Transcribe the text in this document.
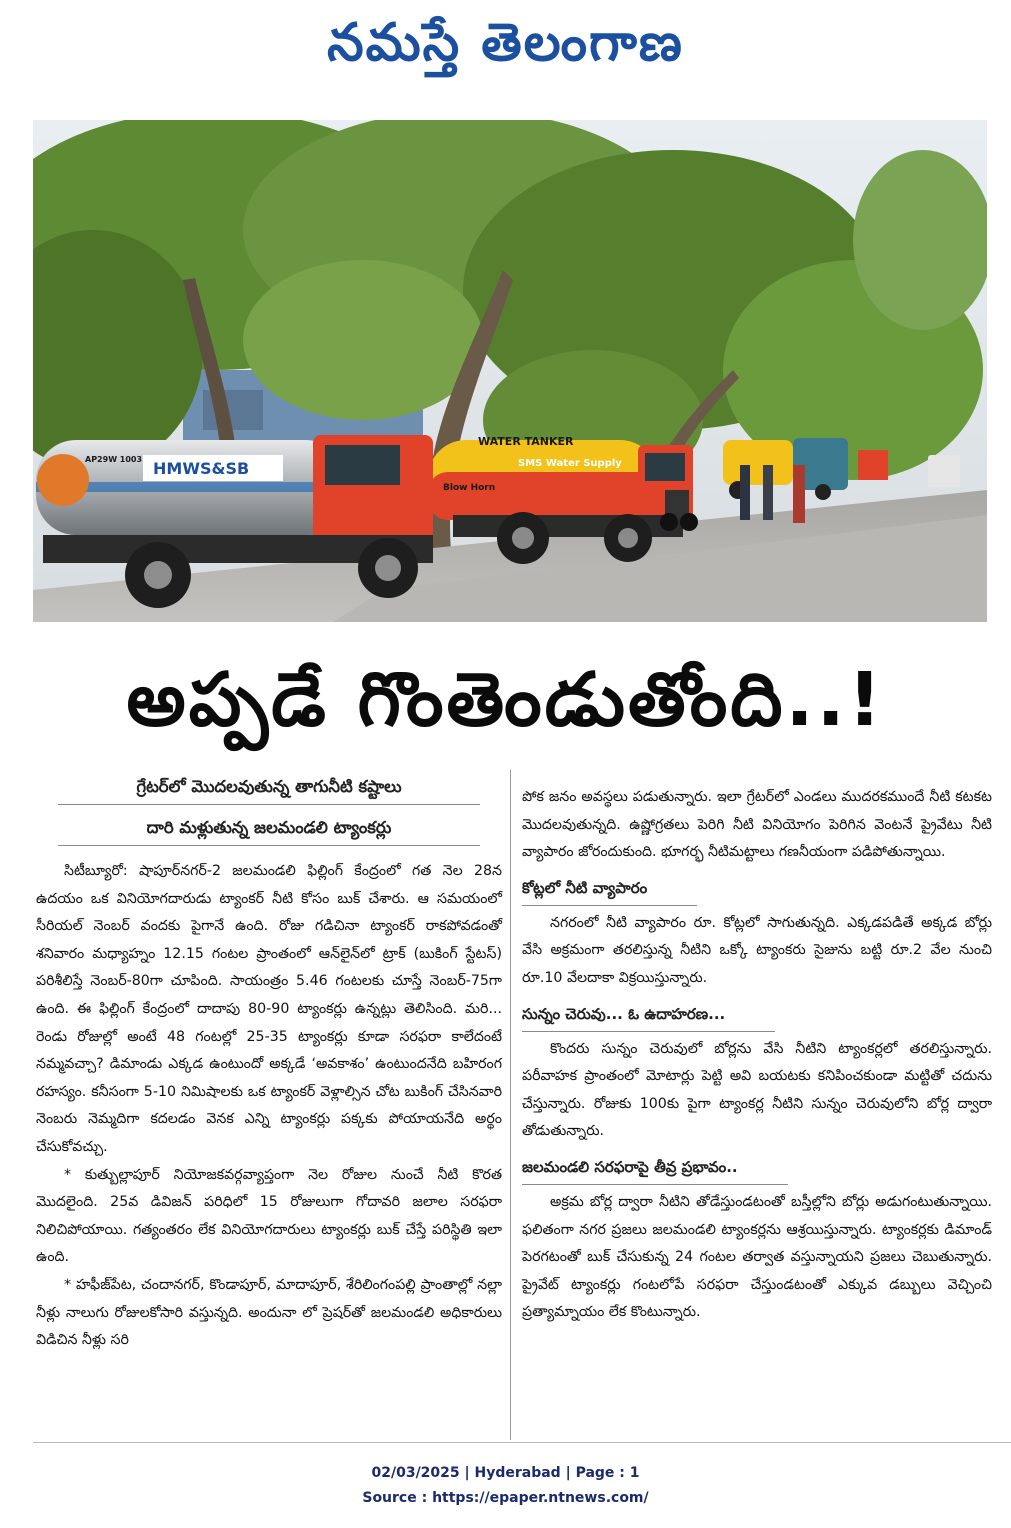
నమస్తే తెలంగాణ
WATER TANKER
SMS Water Supply
Blow Horn
HMWS&SB
AP29W 1003
అప్పడే గొంతెండుతోంది..!
గ్రేటర్‌లో మొదలవుతున్న తాగునీటి కష్టాలు
దారి మళ్లుతున్న జలమండలి ట్యాంకర్లు

సిటీబ్యూరో: షాపూర్‌నగర్-2 జలమండలి ఫిల్లింగ్ కేంద్రంలో గత నెల 28న ఉదయం ఒక వినియోగదారుడు ట్యాంకర్ నీటి కోసం బుక్ చేశారు. ఆ సమయంలో సీరియల్ నెంబర్ వందకు పైగానే ఉంది. రోజు గడిచినా ట్యాంకర్ రాకపోవడంతో శనివారం మధ్యాహ్నం 12.15 గంటల ప్రాంతంలో ఆన్‌లైన్‌లో ట్రాక్ (బుకింగ్ స్టేటస్) పరిశీలిస్తే నెంబర్-80గా చూపింది. సాయంత్రం 5.46 గంటలకు చూస్తే నెంబర్-75గా ఉంది. ఈ ఫిల్లింగ్ కేంద్రంలో దాదాపు 80-90 ట్యాంకర్లు ఉన్నట్లు తెలిసింది. మరి... రెండు రోజుల్లో అంటే 48 గంటల్లో 25-35 ట్యాంకర్లు కూడా సరఫరా కాలేదంటే నమ్మవచ్చా? డిమాండు ఎక్కడ ఉంటుందో అక్కడే ‘అవకాశం’ ఉంటుందనేది బహిరంగ రహస్యం. కనీసంగా 5-10 నిమిషాలకు ఒక ట్యాంకర్ వెళ్లాల్సిన చోట బుకింగ్ చేసినవారి నెంబరు నెమ్మదిగా కదలడం వెనక ఎన్ని ట్యాంకర్లు పక్కకు పోయాయనేది అర్థం చేసుకోవచ్చు.

* కుత్బుల్లాపూర్ నియోజకవర్గవ్యాప్తంగా నెల రోజుల నుంచే నీటి కొరత మొదలైంది. 25వ డివిజన్ పరిధిలో 15 రోజులుగా గోదావరి జలాల సరఫరా నిలిచిపోయాయి. గత్యంతరం లేక వినియోగదారులు ట్యాంకర్లు బుక్ చేస్తే పరిస్థితి ఇలా ఉంది.

* హఫీజ్‌పేట, చందానగర్, కొండాపూర్, మాదాపూర్, శేరిలింగంపల్లి ప్రాంతాల్లో నల్లా నీళ్లు నాలుగు రోజులకోసారి వస్తున్నది. అందునా లో ప్రెషర్‌తో జలమండలి అధికారులు విడిచిన నీళ్లు సరి

పోక జనం అవస్థలు పడుతున్నారు. ఇలా గ్రేటర్‌లో ఎండలు ముదరకముందే నీటి కటకట మొదలవుతున్నది. ఉష్ణోగ్రతలు పెరిగి నీటి వినియోగం పెరిగిన వెంటనే ప్రైవేటు నీటి వ్యాపారం జోరందుకుంది. భూగర్భ నీటిమట్టాలు గణనీయంగా పడిపోతున్నాయి.

కోట్లలో నీటి వ్యాపారం

నగరంలో నీటి వ్యాపారం రూ. కోట్లలో సాగుతున్నది. ఎక్కడపడితే అక్కడ బోర్లు వేసి అక్రమంగా తరలిస్తున్న నీటిని ఒక్కో ట్యాంకరు సైజును బట్టి రూ.2 వేల నుంచి రూ.10 వేలదాకా విక్రయిస్తున్నారు.

సున్నం చెరువు... ఓ ఉదాహరణ...

కొందరు సున్నం చెరువులో బోర్లను వేసి నీటిని ట్యాంకర్లలో తరలిస్తున్నారు. పరీవాహక ప్రాంతంలో మోటార్లు పెట్టి అవి బయటకు కనిపించకుండా మట్టితో చదును చేస్తున్నారు. రోజుకు 100కు పైగా ట్యాంకర్ల నీటిని సున్నం చెరువులోని బోర్ల ద్వారా తోడుతున్నారు.

జలమండలి సరఫరాపై తీవ్ర ప్రభావం..

అక్రమ బోర్ల ద్వారా నీటిని తోడేస్తుండటంతో బస్తీల్లోని బోర్లు అడుగంటుతున్నాయి. ఫలితంగా నగర ప్రజలు జలమండలి ట్యాంకర్లను ఆశ్రయిస్తున్నారు. ట్యాంకర్లకు డిమాండ్ పెరగటంతో బుక్ చేసుకున్న 24 గంటల తర్వాత వస్తున్నాయని ప్రజలు చెబుతున్నారు. ప్రైవేట్ ట్యాంకర్లు గంటలోపే సరఫరా చేస్తుండటంతో ఎక్కువ డబ్బులు వెచ్చించి ప్రత్యామ్నాయం లేక కొంటున్నారు.

02/03/2025 | Hyderabad | Page : 1
Source : https://epaper.ntnews.com/
